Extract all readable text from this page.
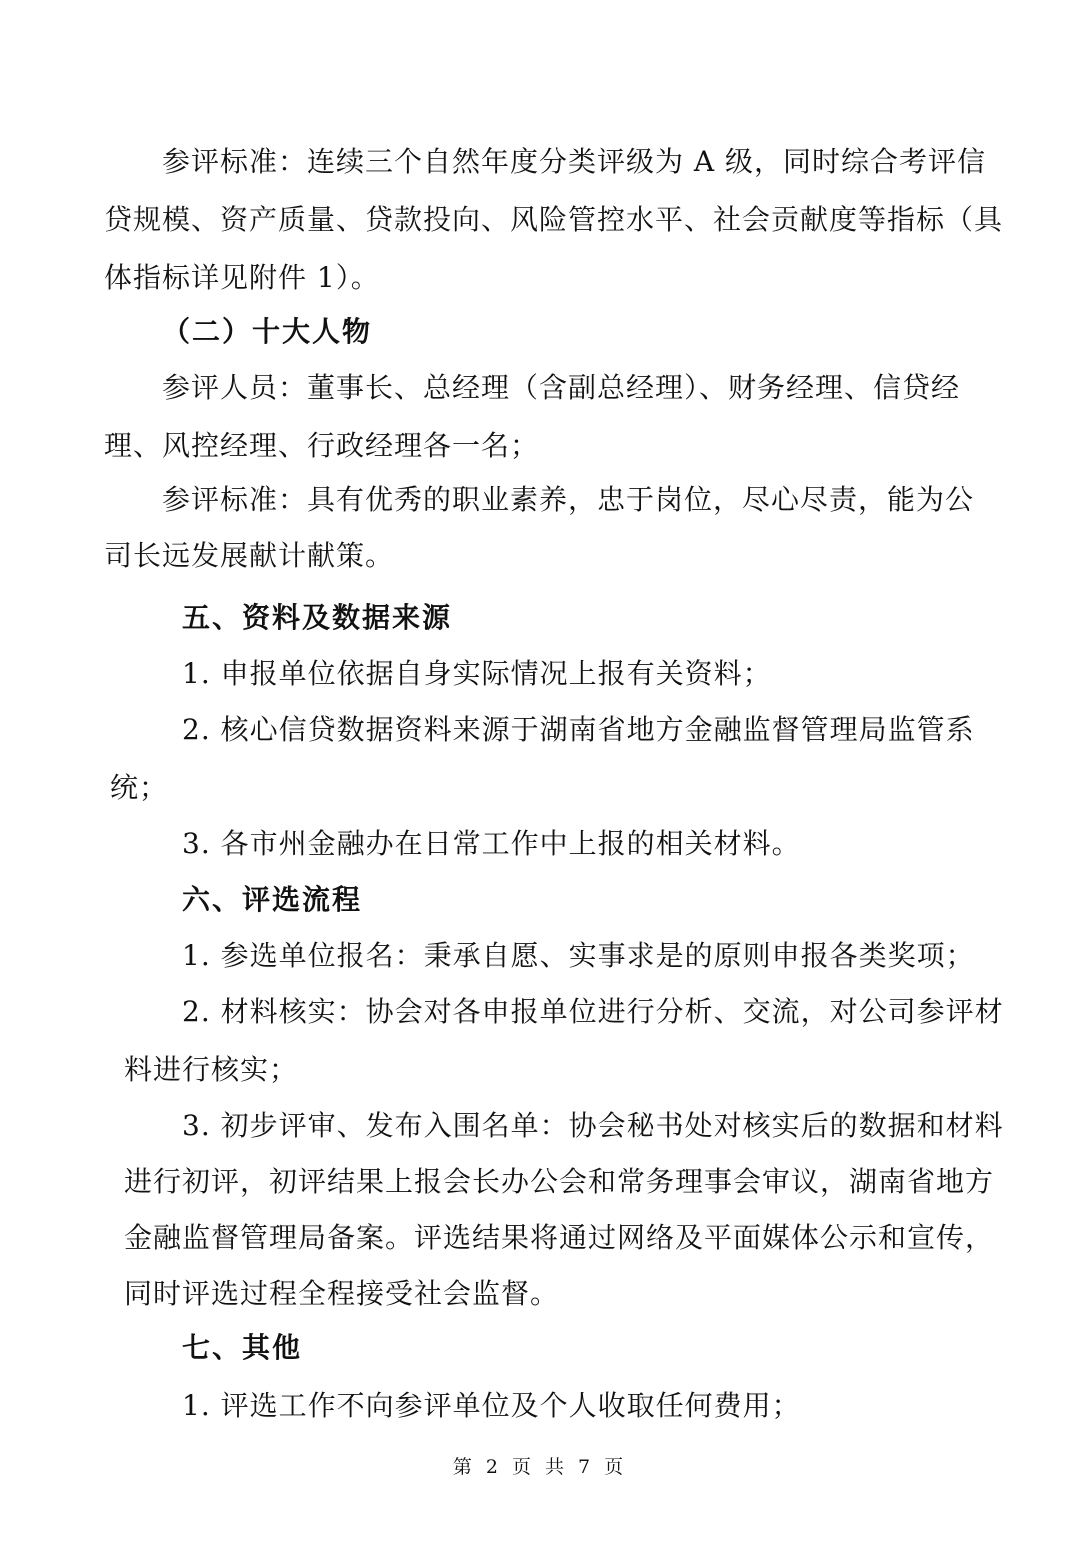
参评标准：连续三个自然年度分类评级为 A 级，同时综合考评信
贷规模、资产质量、贷款投向、风险管控水平、社会贡献度等指标（具
体指标详见附件 1）。
（二）十大人物
参评人员：董事长、总经理（含副总经理）、财务经理、信贷经
理、风控经理、行政经理各一名；
参评标准：具有优秀的职业素养，忠于岗位，尽心尽责，能为公
司长远发展献计献策。
五、资料及数据来源
1. 申报单位依据自身实际情况上报有关资料；
2. 核心信贷数据资料来源于湖南省地方金融监督管理局监管系
统；
3. 各市州金融办在日常工作中上报的相关材料。
六、评选流程
1. 参选单位报名：秉承自愿、实事求是的原则申报各类奖项；
2. 材料核实：协会对各申报单位进行分析、交流，对公司参评材
料进行核实；
3. 初步评审、发布入围名单：协会秘书处对核实后的数据和材料
进行初评，初评结果上报会长办公会和常务理事会审议，湖南省地方
金融监督管理局备案。评选结果将通过网络及平面媒体公示和宣传，
同时评选过程全程接受社会监督。
七、其他
1. 评选工作不向参评单位及个人收取任何费用；
第 2 页 共 7 页
